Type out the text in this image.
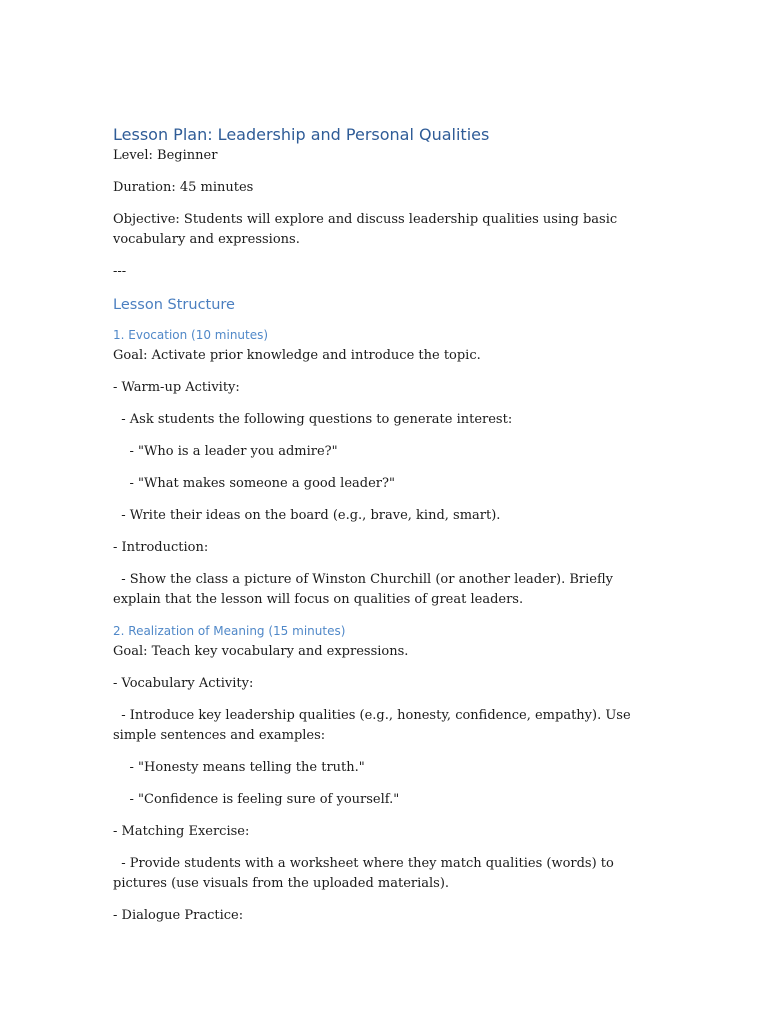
Lesson Plan: Leadership and Personal Qualities

Level: Beginner

Duration: 45 minutes

Objective: Students will explore and discuss leadership qualities using basic vocabulary and expressions.

---

Lesson Structure
1. Evocation (10 minutes)

Goal: Activate prior knowledge and introduce the topic.

- Warm-up Activity:

- Ask students the following questions to generate interest:

- "Who is a leader you admire?"

- "What makes someone a good leader?"

- Write their ideas on the board (e.g., brave, kind, smart).

- Introduction:

- Show the class a picture of Winston Churchill (or another leader). Briefly explain that the lesson will focus on qualities of great leaders.

2. Realization of Meaning (15 minutes)

Goal: Teach key vocabulary and expressions.

- Vocabulary Activity:

- Introduce key leadership qualities (e.g., honesty, confidence, empathy). Use simple sentences and examples:

- "Honesty means telling the truth."

- "Confidence is feeling sure of yourself."

- Matching Exercise:

- Provide students with a worksheet where they match qualities (words) to pictures (use visuals from the uploaded materials).

- Dialogue Practice:
